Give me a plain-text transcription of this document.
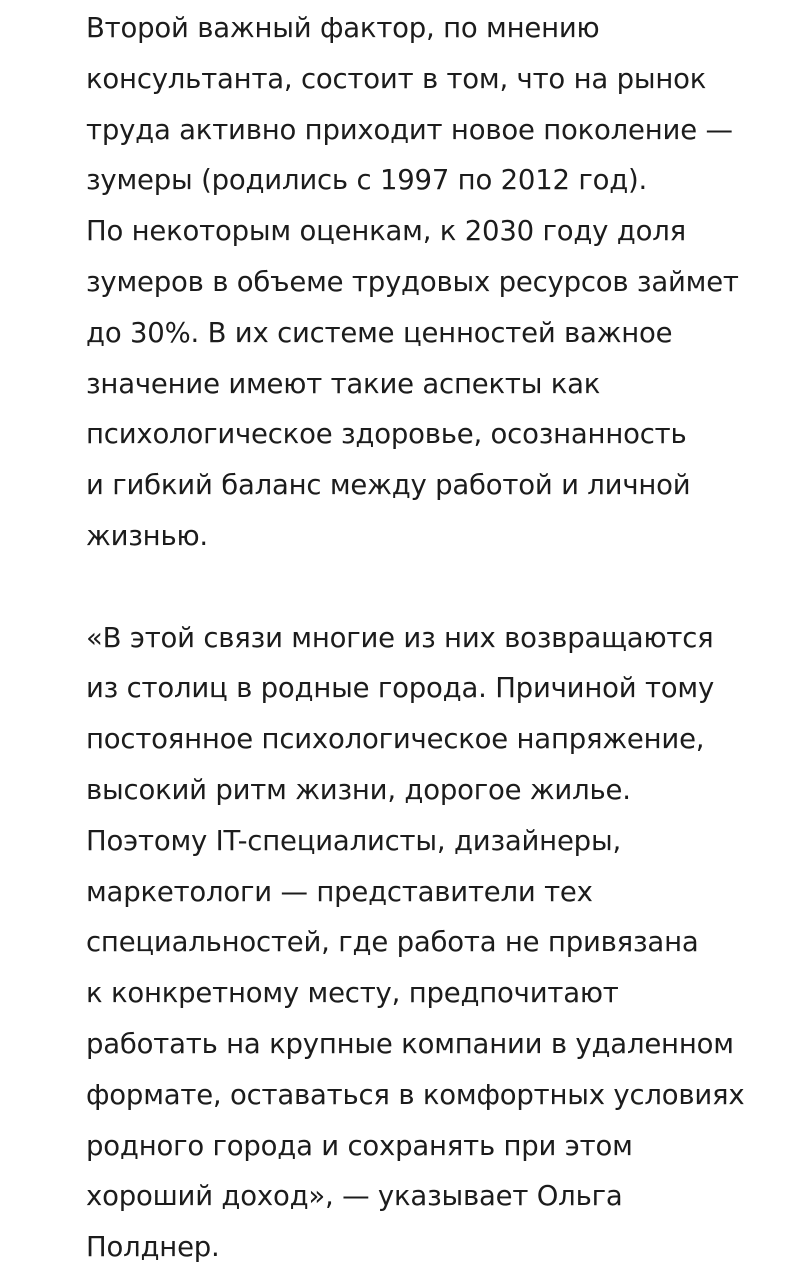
Второй важный фактор, по мнению
консультанта, состоит в том, что на рынок
труда активно приходит новое поколение —
зумеры (родились с 1997 по 2012 год).
По некоторым оценкам, к 2030 году доля
зумеров в объеме трудовых ресурсов займет
до 30%. В их системе ценностей важное
значение имеют такие аспекты как
психологическое здоровье, осознанность
и гибкий баланс между работой и личной
жизнью.

«В этой связи многие из них возвращаются
из столиц в родные города. Причиной тому
постоянное психологическое напряжение,
высокий ритм жизни, дорогое жилье.
Поэтому IT-специалисты, дизайнеры,
маркетологи — представители тех
специальностей, где работа не привязана
к конкретному месту, предпочитают
работать на крупные компании в удаленном
формате, оставаться в комфортных условиях
родного города и сохранять при этом
хороший доход», — указывает Ольга
Полднер.
